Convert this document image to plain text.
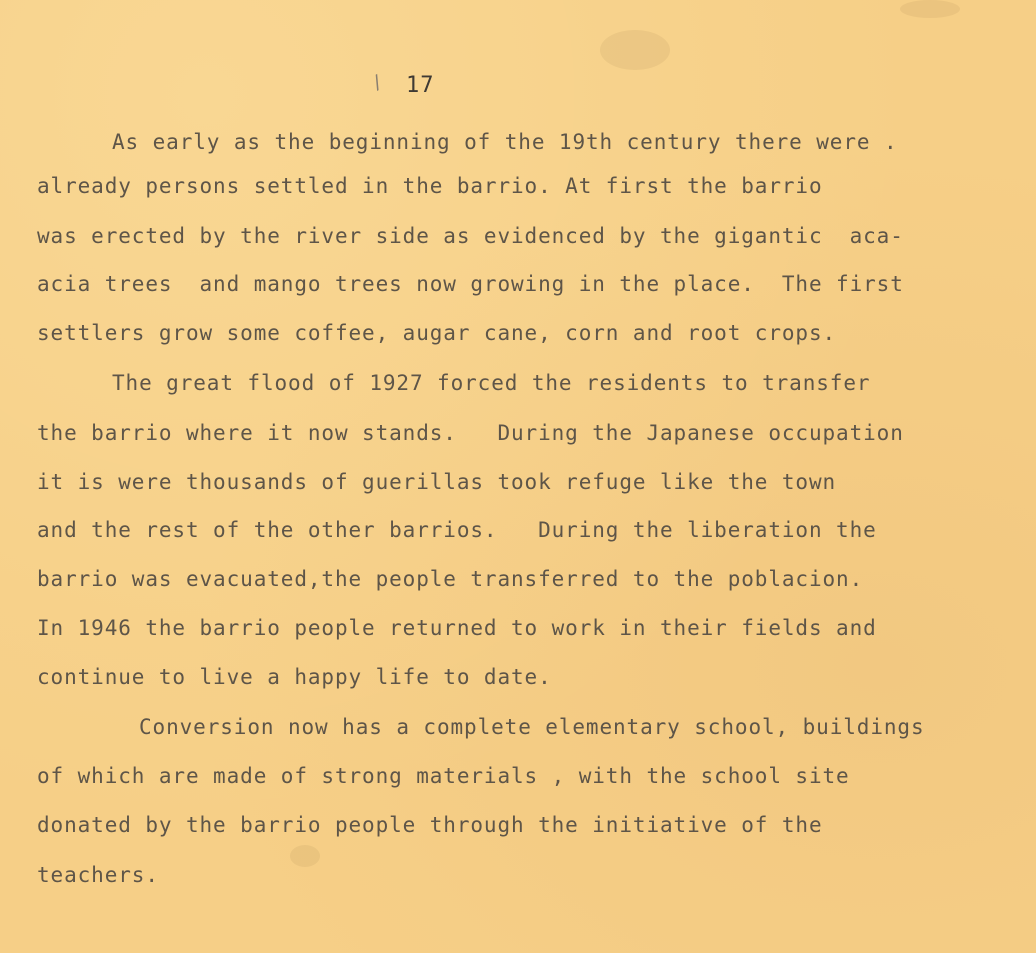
/ 17
As early as the beginning of the 19th century there were .
already persons settled in the barrio. At first the barrio
was erected by the river side as evidenced by the gigantic  aca-
acia trees  and mango trees now growing in the place.  The first
settlers grow some coffee, augar cane, corn and root crops.
The great flood of 1927 forced the residents to transfer
the barrio where it now stands.   During the Japanese occupation
it is were thousands of guerillas took refuge like the town
and the rest of the other barrios.   During the liberation the
barrio was evacuated,the people transferred to the poblacion.
In 1946 the barrio people returned to work in their fields and
continue to live a happy life to date.
Conversion now has a complete elementary school, buildings
of which are made of strong materials , with the school site
donated by the barrio people through the initiative of the
teachers.
